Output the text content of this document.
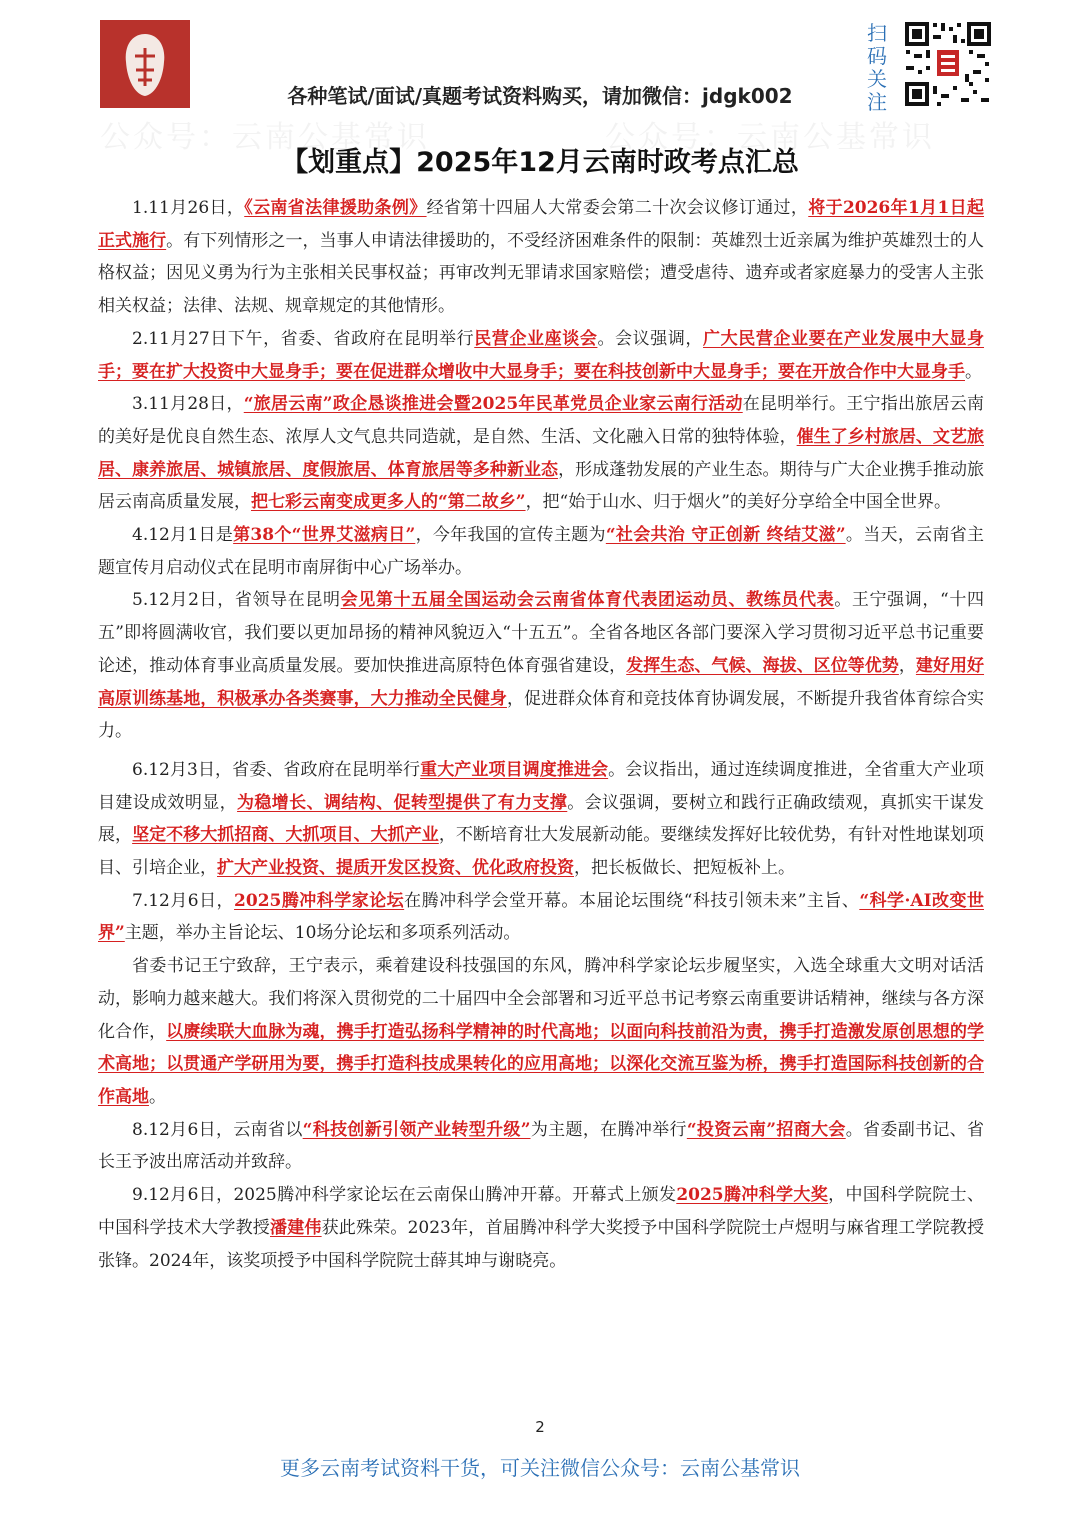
公众号：云南公基常识	公众号：云南公基常识
各种笔试/面试/真题考试资料购买，请加微信：jdgk002
扫码关注
【划重点】2025年12月云南时政考点汇总

1.11月26日，《云南省法律援助条例》经省第十四届人大常委会第二十次会议修订通过，将于2026年1月1日起正式施行。有下列情形之一，当事人申请法律援助的，不受经济困难条件的限制：英雄烈士近亲属为维护英雄烈士的人格权益；因见义勇为行为主张相关民事权益；再审改判无罪请求国家赔偿；遭受虐待、遗弃或者家庭暴力的受害人主张相关权益；法律、法规、规章规定的其他情形。

2.11月27日下午，省委、省政府在昆明举行民营企业座谈会。会议强调，广大民营企业要在产业发展中大显身手；要在扩大投资中大显身手；要在促进群众增收中大显身手；要在科技创新中大显身手；要在开放合作中大显身手。

3.11月28日，“旅居云南”政企恳谈推进会暨2025年民革党员企业家云南行活动在昆明举行。王宁指出旅居云南的美好是优良自然生态、浓厚人文气息共同造就，是自然、生活、文化融入日常的独特体验，催生了乡村旅居、文艺旅居、康养旅居、城镇旅居、度假旅居、体育旅居等多种新业态，形成蓬勃发展的产业生态。期待与广大企业携手推动旅居云南高质量发展，把七彩云南变成更多人的“第二故乡”，把“始于山水、归于烟火”的美好分享给全中国全世界。

4.12月1日是第38个“世界艾滋病日”，今年我国的宣传主题为“社会共治 守正创新 终结艾滋”。当天，云南省主题宣传月启动仪式在昆明市南屏街中心广场举办。

5.12月2日，省领导在昆明会见第十五届全国运动会云南省体育代表团运动员、教练员代表。王宁强调，“十四五”即将圆满收官，我们要以更加昂扬的精神风貌迈入“十五五”。全省各地区各部门要深入学习贯彻习近平总书记重要论述，推动体育事业高质量发展。要加快推进高原特色体育强省建设，发挥生态、气候、海拔、区位等优势，建好用好高原训练基地，积极承办各类赛事，大力推动全民健身，促进群众体育和竞技体育协调发展，不断提升我省体育综合实力。

6.12月3日，省委、省政府在昆明举行重大产业项目调度推进会。会议指出，通过连续调度推进，全省重大产业项目建设成效明显，为稳增长、调结构、促转型提供了有力支撑。会议强调，要树立和践行正确政绩观，真抓实干谋发展，坚定不移大抓招商、大抓项目、大抓产业，不断培育壮大发展新动能。要继续发挥好比较优势，有针对性地谋划项目、引培企业，扩大产业投资、提质开发区投资、优化政府投资，把长板做长、把短板补上。

7.12月6日，2025腾冲科学家论坛在腾冲科学会堂开幕。本届论坛围绕“科技引领未来”主旨、“科学·AI改变世界”主题，举办主旨论坛、10场分论坛和多项系列活动。

省委书记王宁致辞，王宁表示，乘着建设科技强国的东风，腾冲科学家论坛步履坚实，入选全球重大文明对话活动，影响力越来越大。我们将深入贯彻党的二十届四中全会部署和习近平总书记考察云南重要讲话精神，继续与各方深化合作，以赓续联大血脉为魂，携手打造弘扬科学精神的时代高地；以面向科技前沿为责，携手打造激发原创思想的学术高地；以贯通产学研用为要，携手打造科技成果转化的应用高地；以深化交流互鉴为桥，携手打造国际科技创新的合作高地。

8.12月6日，云南省以“科技创新引领产业转型升级”为主题，在腾冲举行“投资云南”招商大会。省委副书记、省长王予波出席活动并致辞。

9.12月6日，2025腾冲科学家论坛在云南保山腾冲开幕。开幕式上颁发2025腾冲科学大奖，中国科学院院士、中国科学技术大学教授潘建伟获此殊荣。2023年，首届腾冲科学大奖授予中国科学院院士卢煜明与麻省理工学院教授张锋。2024年，该奖项授予中国科学院院士薛其坤与谢晓亮。

2
更多云南考试资料干货，可关注微信公众号：云南公基常识
